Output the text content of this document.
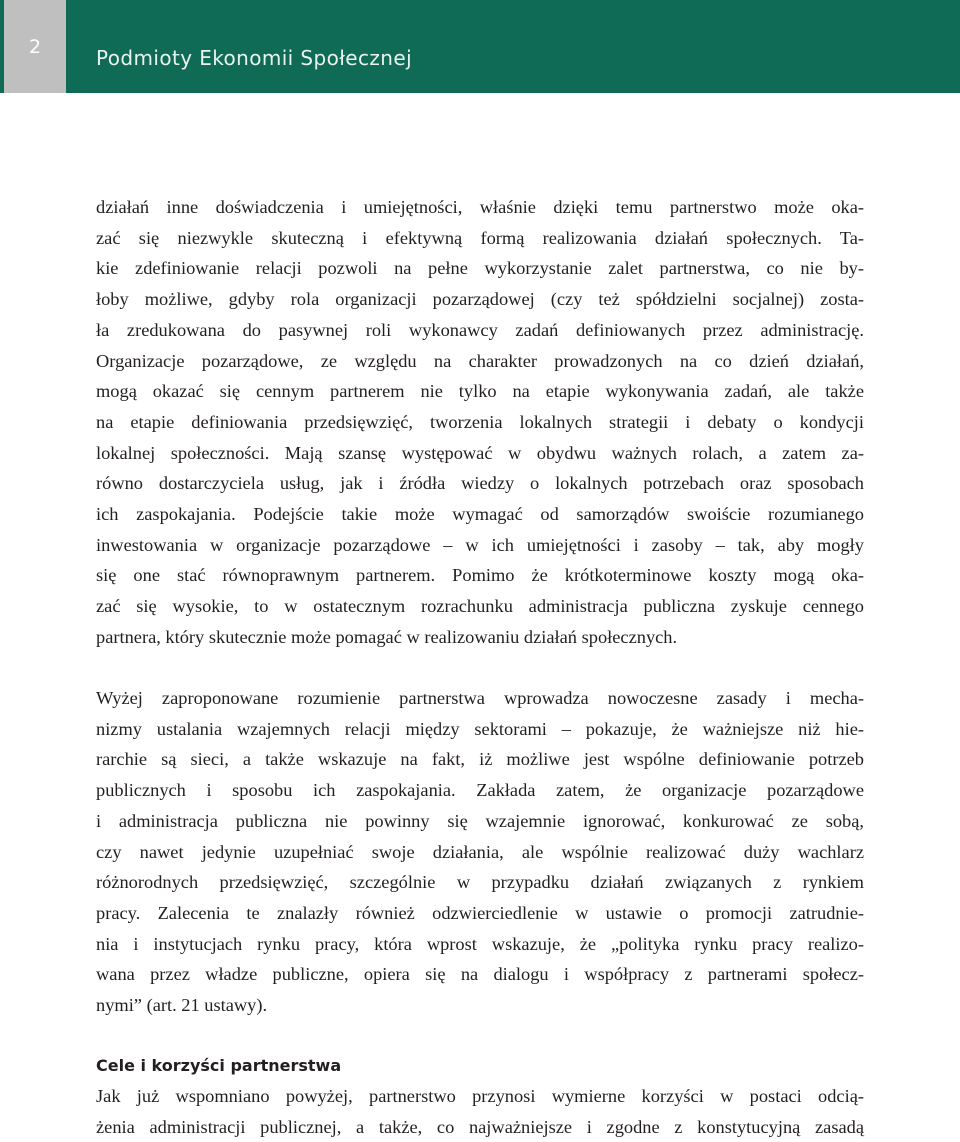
2	Podmioty Ekonomii Społecznej
działań inne doświadczenia i umiejętności, właśnie dzięki temu partnerstwo może oka-
zać się niezwykle skuteczną i efektywną formą realizowania działań społecznych. Ta-
kie zdefiniowanie relacji pozwoli na pełne wykorzystanie zalet partnerstwa, co nie by-
łoby możliwe, gdyby rola organizacji pozarządowej (czy też spółdzielni socjalnej) zosta-
ła zredukowana do pasywnej roli wykonawcy zadań definiowanych przez administrację.
Organizacje pozarządowe, ze względu na charakter prowadzonych na co dzień działań,
mogą okazać się cennym partnerem nie tylko na etapie wykonywania zadań, ale także
na etapie definiowania przedsięwzięć, tworzenia lokalnych strategii i debaty o kondycji
lokalnej społeczności. Mają szansę występować w obydwu ważnych rolach, a zatem za-
równo dostarczyciela usług, jak i źródła wiedzy o lokalnych potrzebach oraz sposobach
ich zaspokajania. Podejście takie może wymagać od samorządów swoiście rozumianego
inwestowania w organizacje pozarządowe – w ich umiejętności i zasoby – tak, aby mogły
się one stać równoprawnym partnerem. Pomimo że krótkoterminowe koszty mogą oka-
zać się wysokie, to w ostatecznym rozrachunku administracja publiczna zyskuje cennego
partnera, który skutecznie może pomagać w realizowaniu działań społecznych.
Wyżej zaproponowane rozumienie partnerstwa wprowadza nowoczesne zasady i mecha-
nizmy ustalania wzajemnych relacji między sektorami – pokazuje, że ważniejsze niż hie-
rarchie są sieci, a także wskazuje na fakt, iż możliwe jest wspólne definiowanie potrzeb
publicznych i sposobu ich zaspokajania. Zakłada zatem, że organizacje pozarządowe
i administracja publiczna nie powinny się wzajemnie ignorować, konkurować ze sobą,
czy nawet jedynie uzupełniać swoje działania, ale wspólnie realizować duży wachlarz
różnorodnych przedsięwzięć, szczególnie w przypadku działań związanych z rynkiem
pracy. Zalecenia te znalazły również odzwierciedlenie w ustawie o promocji zatrudnie-
nia i instytucjach rynku pracy, która wprost wskazuje, że „polityka rynku pracy realizo-
wana przez władze publiczne, opiera się na dialogu i współpracy z partnerami społecz-
nymi” (art. 21 ustawy).
Cele i korzyści partnerstwa
Jak już wspomniano powyżej, partnerstwo przynosi wymierne korzyści w postaci odcią-
żenia administracji publicznej, a także, co najważniejsze i zgodne z konstytucyjną zasadą
